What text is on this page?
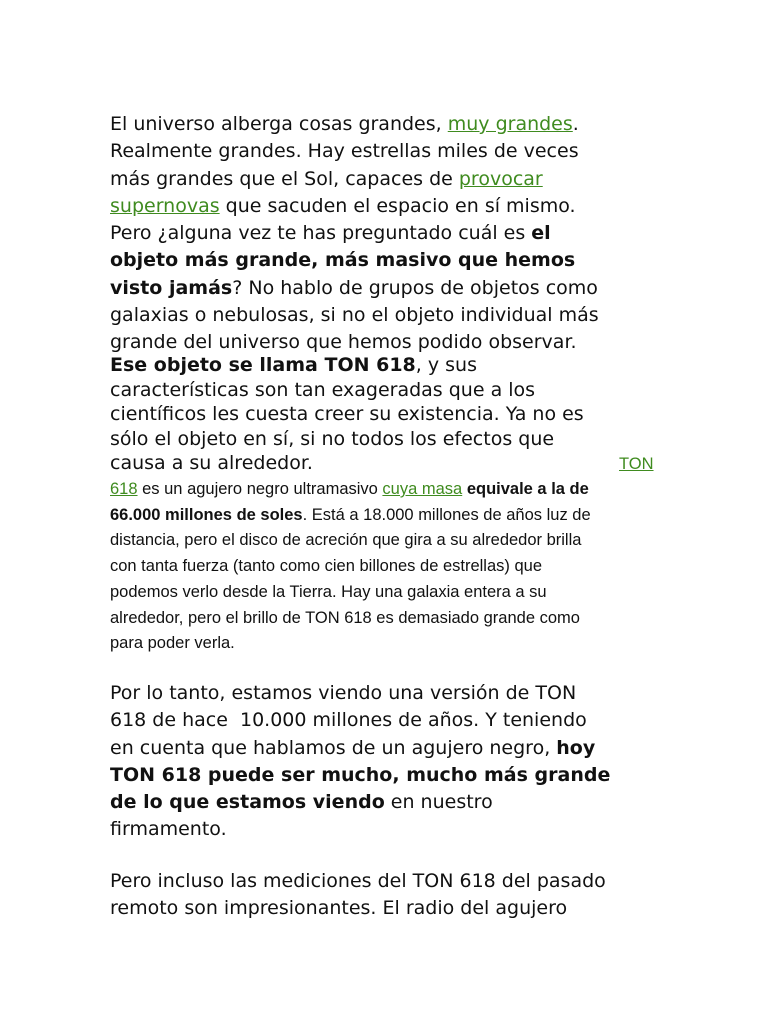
El universo alberga cosas grandes, muy grandes.
Realmente grandes. Hay estrellas miles de veces
más grandes que el Sol, capaces de provocar
supernovas que sacuden el espacio en sí mismo.
Pero ¿alguna vez te has preguntado cuál es el
objeto más grande, más masivo que hemos
visto jamás? No hablo de grupos de objetos como
galaxias o nebulosas, si no el objeto individual más
grande del universo que hemos podido observar.
Ese objeto se llama TON 618, y sus
características son tan exageradas que a los
científicos les cuesta creer su existencia. Ya no es
sólo el objeto en sí, si no todos los efectos que
causa a su alrededor.	TON
618 es un agujero negro ultramasivo cuya masa equivale a la de
66.000 millones de soles. Está a 18.000 millones de años luz de
distancia, pero el disco de acreción que gira a su alrededor brilla
con tanta fuerza (tanto como cien billones de estrellas) que
podemos verlo desde la Tierra. Hay una galaxia entera a su
alrededor, pero el brillo de TON 618 es demasiado grande como
para poder verla.
Por lo tanto, estamos viendo una versión de TON
618 de hace  10.000 millones de años. Y teniendo
en cuenta que hablamos de un agujero negro, hoy
TON 618 puede ser mucho, mucho más grande
de lo que estamos viendo en nuestro
firmamento.
Pero incluso las mediciones del TON 618 del pasado
remoto son impresionantes. El radio del agujero
